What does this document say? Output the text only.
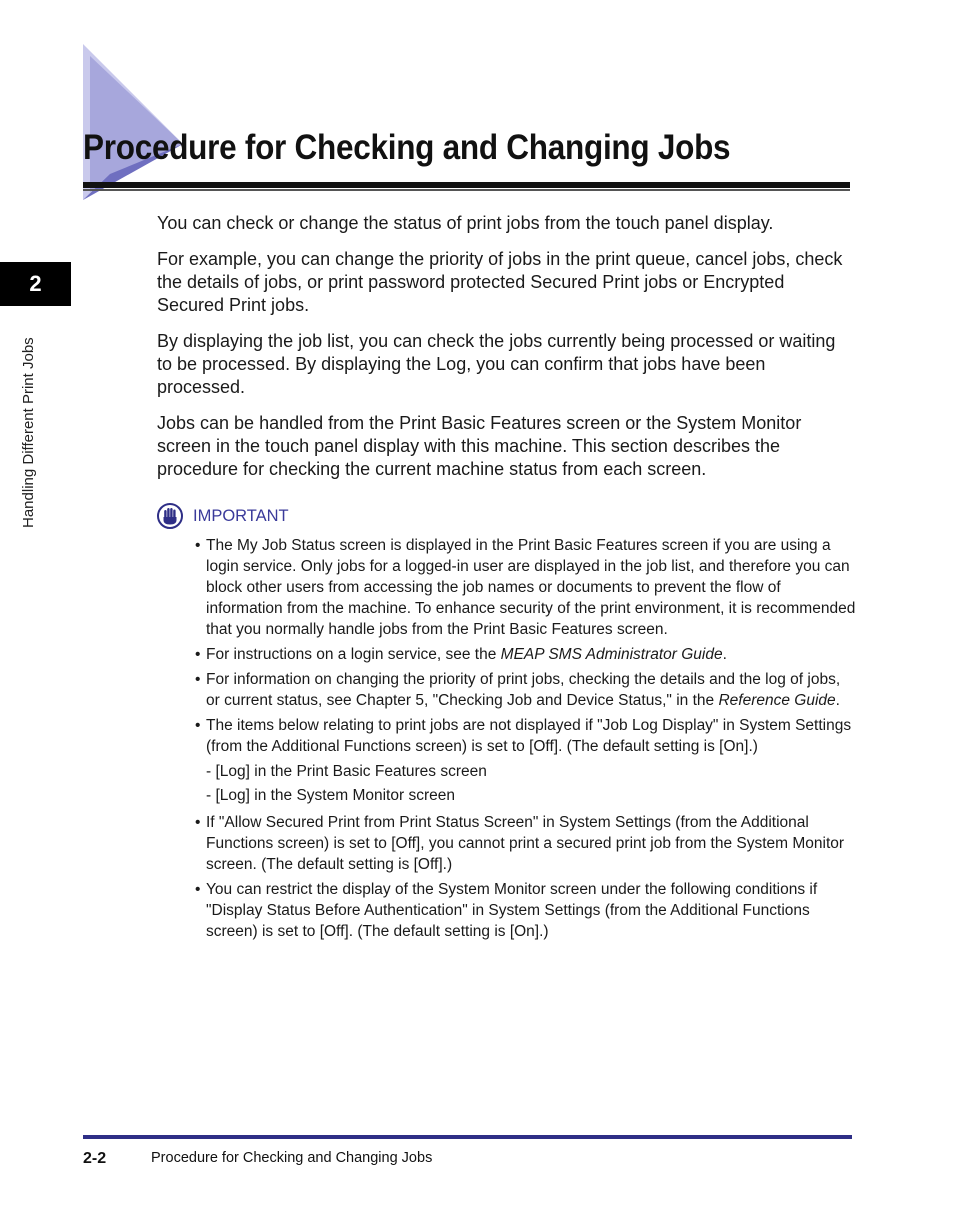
Procedure for Checking and Changing Jobs
2
Handling Different Print Jobs

You can check or change the status of print jobs from the touch panel display.

For example, you can change the priority of jobs in the print queue, cancel jobs, check the details of jobs, or print password protected Secured Print jobs or Encrypted Secured Print jobs.

By displaying the job list, you can check the jobs currently being processed or waiting to be processed. By displaying the Log, you can confirm that jobs have been processed.

Jobs can be handled from the Print Basic Features screen or the System Monitor screen in the touch panel display with this machine. This section describes the procedure for checking the current machine status from each screen.

IMPORTANT
• The My Job Status screen is displayed in the Print Basic Features screen if you are using a login service. Only jobs for a logged-in user are displayed in the job list, and therefore you can block other users from accessing the job names or documents to prevent the flow of information from the machine. To enhance security of the print environment, it is recommended that you normally handle jobs from the Print Basic Features screen.
• For instructions on a login service, see the MEAP SMS Administrator Guide.
• For information on changing the priority of print jobs, checking the details and the log of jobs, or current status, see Chapter 5, "Checking Job and Device Status," in the Reference Guide.
• The items below relating to print jobs are not displayed if "Job Log Display" in System Settings (from the Additional Functions screen) is set to [Off]. (The default setting is [On].)
- [Log] in the Print Basic Features screen
- [Log] in the System Monitor screen
• If "Allow Secured Print from Print Status Screen" in System Settings (from the Additional Functions screen) is set to [Off], you cannot print a secured print job from the System Monitor screen. (The default setting is [Off].)
• You can restrict the display of the System Monitor screen under the following conditions if "Display Status Before Authentication" in System Settings (from the Additional Functions screen) is set to [Off]. (The default setting is [On].)
2-2	Procedure for Checking and Changing Jobs
